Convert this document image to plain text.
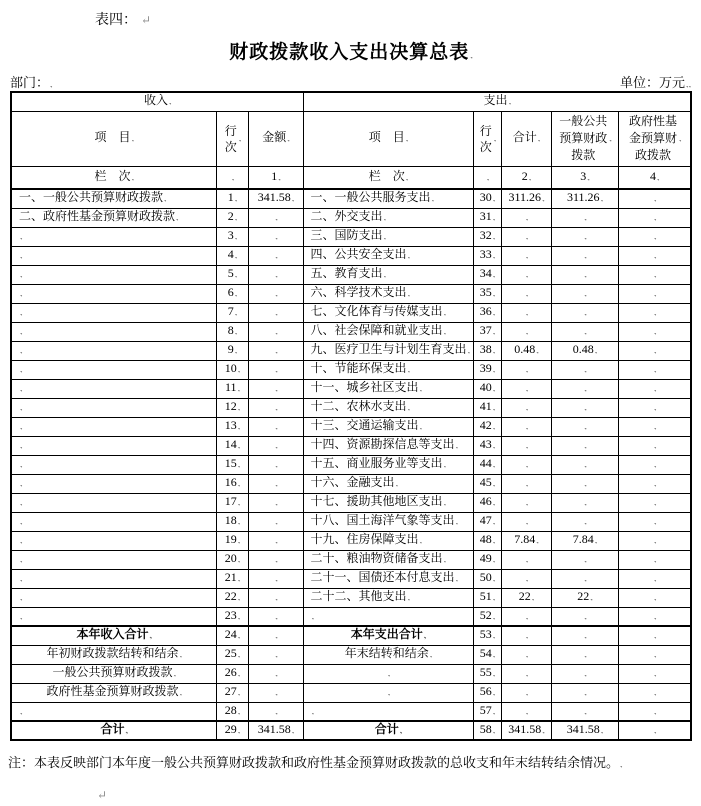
表四： ↵
财政拨款收入支出决算总表 .,
部门： .,	单位：万元 ., .,
收入 .,			支出 .,
项　目 .,	行次 .,	金额 .,	项　目 .,	行次 .,	合计 .,	一般公共预算财政拨款 .,	政府性基金预算财政拨款 .,
栏　次 .,	.,	1 .,	栏　次 .,	.,	2 .,	3 .,	4 .,
一、一般公共预算财政拨款 .,	1 .,	341.58 .,	一、一般公共服务支出 .,	30 .,	311.26 .,	311.26 .,	.,
二、政府性基金预算财政拨款 .,	2 .,	.,	二、外交支出 .,	31 .,	.,	.,	.,
.,	3 .,	.,	三、国防支出 .,	32 .,	.,	.,	.,
.,	4 .,	.,	四、公共安全支出 .,	33 .,	.,	.,	.,
.,	5 .,	.,	五、教育支出 .,	34 .,	.,	.,	.,
.,	6 .,	.,	六、科学技术支出 .,	35 .,	.,	.,	.,
.,	7 .,	.,	七、文化体育与传媒支出 .,	36 .,	.,	.,	.,
.,	8 .,	.,	八、社会保障和就业支出 .,	37 .,	.,	.,	.,
.,	9 .,	.,	九、医疗卫生与计划生育支出 .,	38 .,	0.48 .,	0.48 .,	.,
.,	10 .,	.,	十、节能环保支出 .,	39 .,	.,	.,	.,
.,	11 .,	.,	十一、城乡社区支出 .,	40 .,	.,	.,	.,
.,	12 .,	.,	十二、农林水支出 .,	41 .,	.,	.,	.,
.,	13 .,	.,	十三、交通运输支出 .,	42 .,	.,	.,	.,
.,	14 .,	.,	十四、资源勘探信息等支出 .,	43 .,	.,	.,	.,
.,	15 .,	.,	十五、商业服务业等支出 .,	44 .,	.,	.,	.,
.,	16 .,	.,	十六、金融支出 .,	45 .,	.,	.,	.,
.,	17 .,	.,	十七、援助其他地区支出 .,	46 .,	.,	.,	.,
.,	18 .,	.,	十八、国土海洋气象等支出 .,	47 .,	.,	.,	.,
.,	19 .,	.,	十九、住房保障支出 .,	48 .,	7.84 .,	7.84 .,	.,
.,	20 .,	.,	二十、粮油物资储备支出 .,	49 .,	.,	.,	.,
.,	21 .,	.,	二十一、国债还本付息支出 .,	50 .,	.,	.,	.,
.,	22 .,	.,	二十二、其他支出 .,	51 .,	22 .,	22 .,	.,
.,	23 .,	.,	.,	52 .,	.,	.,	.,
本年收入合计 .,	24 .,	.,	本年支出合计 .,	53 .,	.,	.,	.,
年初财政拨款结转和结余 .,	25 .,	.,	年末结转和结余 .,	54 .,	.,	.,	.,
一般公共预算财政拨款 .,	26 .,	.,	.,	55 .,	.,	.,	.,
政府性基金预算财政拨款 .,	27 .,	.,	.,	56 .,	.,	.,	.,
.,	28 .,	.,	.,	57 .,	.,	.,	.,
合计 .,	29 .,	341.58 .,	合计 .,	58 .,	341.58 .,	341.58 .,	.,
注：本表反映部门本年度一般公共预算财政拨款和政府性基金预算财政拨款的总收支和年末结转结余情况。 .,
↵
